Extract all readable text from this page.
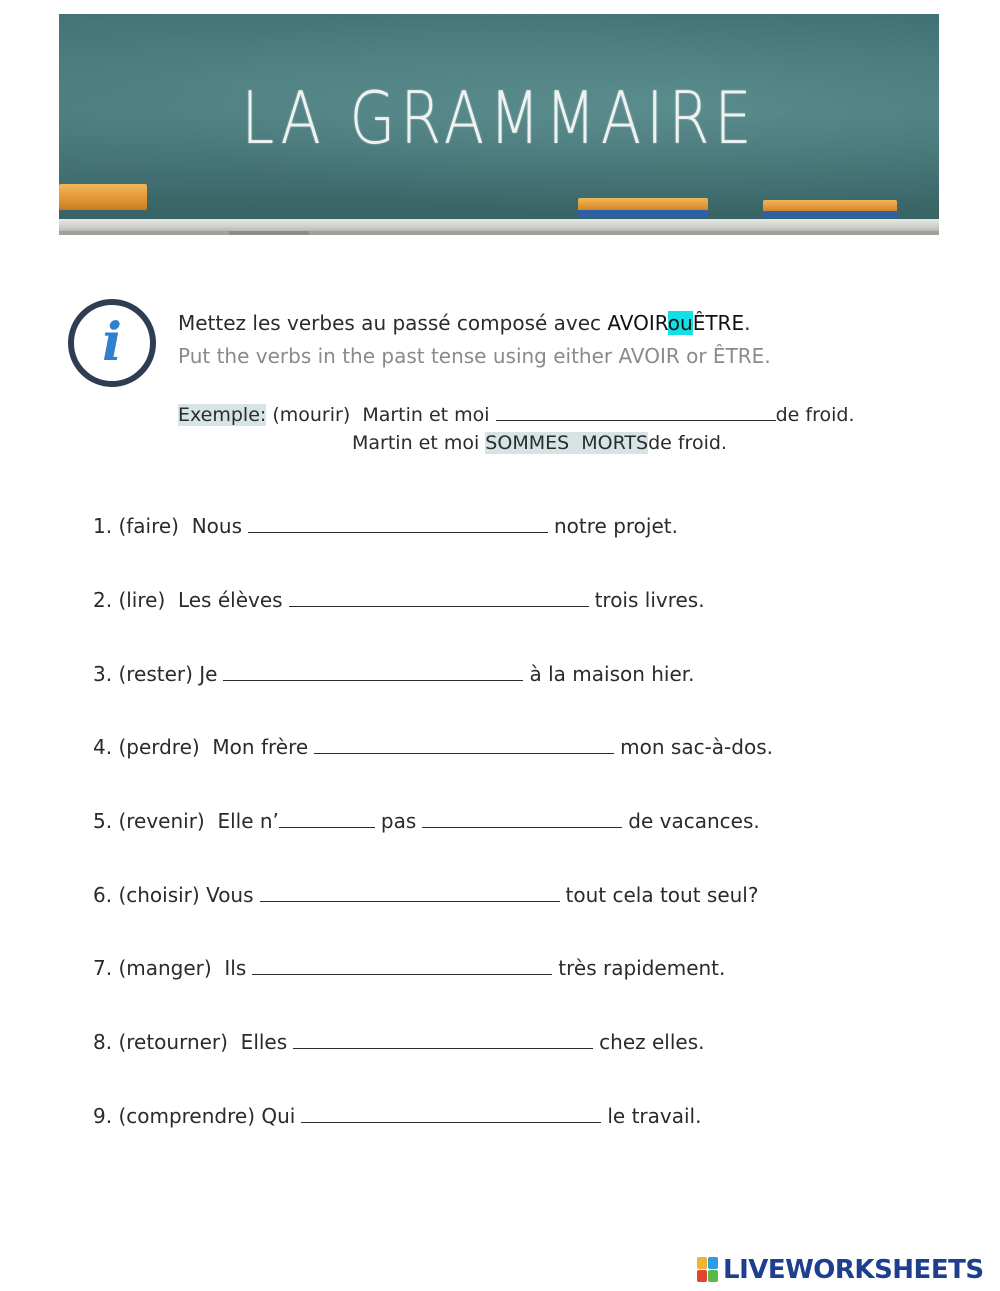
LA GRAMMAIRE
i	Mettez les verbes au passé composé avec AVOIRouÊTRE.
Put the verbs in the past tense using either AVOIR or ÊTRE.
Exemple: (mourir)  Martin et moi	de froid.
Martin et moi SOMMES  MORTSde froid.
1. (faire)  Nous	notre projet.
2. (lire)  Les élèves	trois livres.
3. (rester) Je	à la maison hier.
4. (perdre)  Mon frère	mon sac-à-dos.
5. (revenir)  Elle n’	pas	de vacances.
6. (choisir) Vous	tout cela tout seul?
7. (manger)  Ils	très rapidement.
8. (retourner)  Elles	chez elles.
9. (comprendre) Qui	le travail.
LIVEWORKSHEETS
